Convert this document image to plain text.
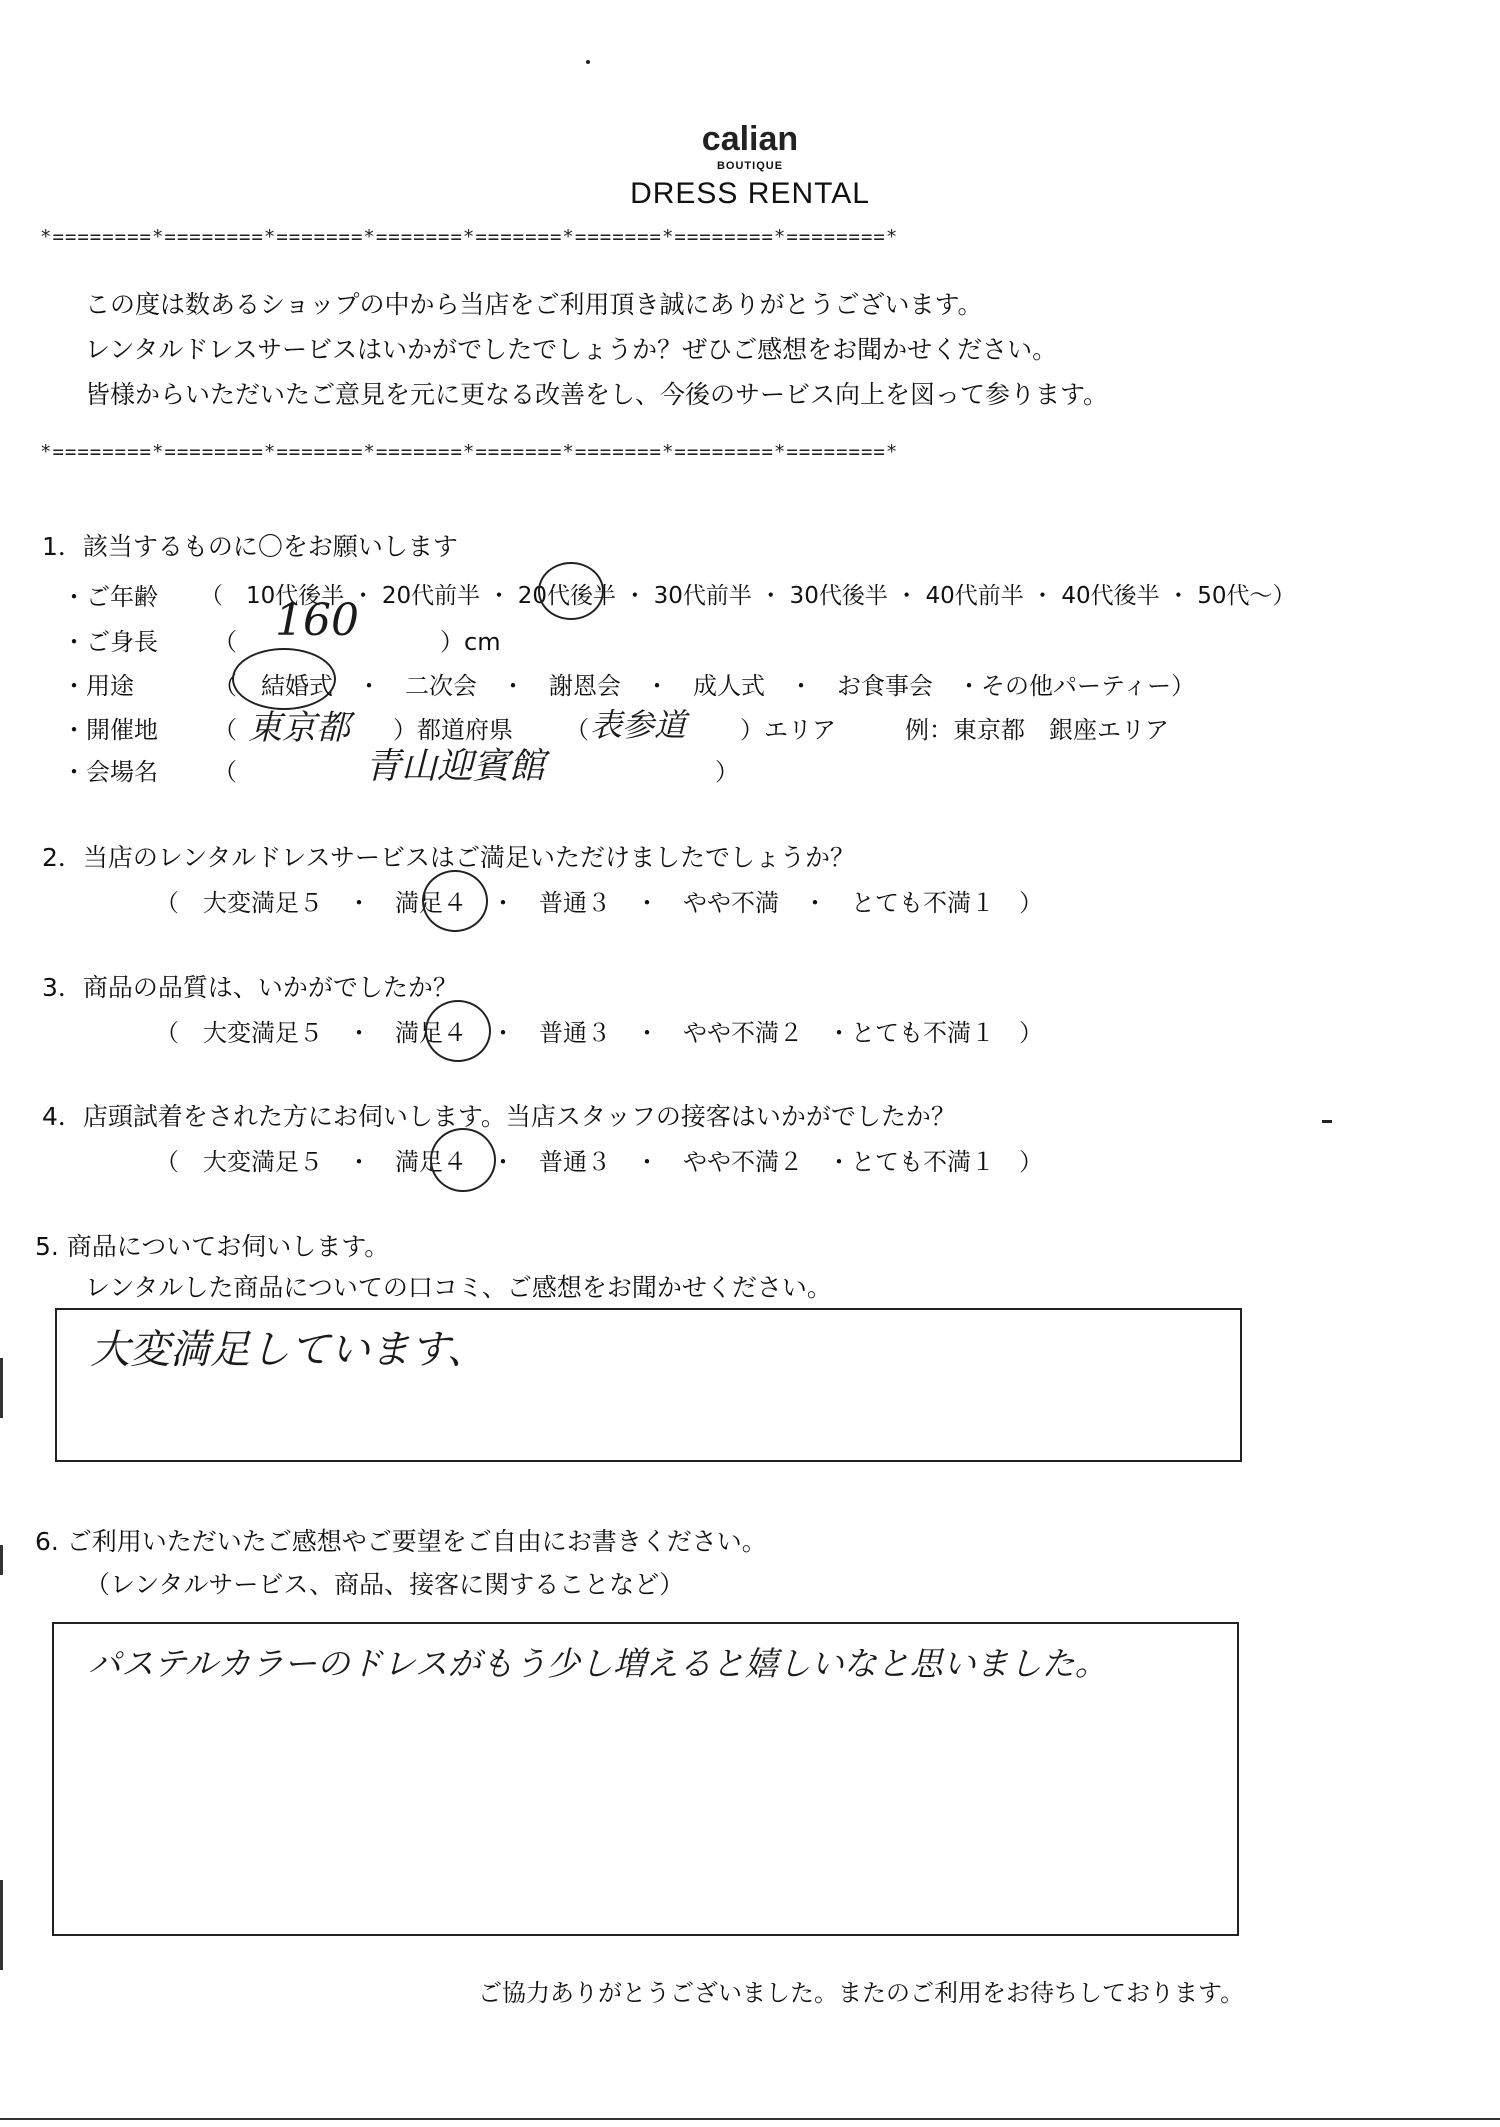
calian
BOUTIQUE
DRESS RENTAL
*========*========*=======*=======*=======*=======*========*========*
この度は数あるショップの中から当店をご利用頂き誠にありがとうございます。
レンタルドレスサービスはいかがでしたでしょうか？ぜひご感想をお聞かせください。
皆様からいただいたご意見を元に更なる改善をし、今後のサービス向上を図って参ります。
*========*========*=======*=======*=======*=======*========*========*
1．該当するものに〇をお願いします
・ご年齢 （　10代後半 ・ 20代前半 ・ 20代後半 ・ 30代前半 ・ 30代後半 ・ 40代前半 ・ 40代後半 ・ 50代～）
・ご身長 （ 160	）cm
・用途	（　結婚式　・　二次会　・　謝恩会　・　成人式　・　お食事会　・その他パーティー）
・開催地 （ 東京都 ）都道府県 （ 表参道 ）エリア	例：東京都　銀座エリア
・会場名 （	青山迎賓館	）
2．当店のレンタルドレスサービスはご満足いただけましたでしょうか？
（　大変満足５　・　満足４　・　普通３　・　やや不満　・　とても不満１　）
3．商品の品質は、いかがでしたか？
（　大変満足５　・　満足４　・　普通３　・　やや不満２　・とても不満１　）
4．店頭試着をされた方にお伺いします。当店スタッフの接客はいかがでしたか？
（　大変満足５　・　満足４　・　普通３　・　やや不満２　・とても不満１　）
5. 商品についてお伺いします。
レンタルした商品についての口コミ、ご感想をお聞かせください。
大変満足しています、
6. ご利用いただいたご感想やご要望をご自由にお書きください。
（レンタルサービス、商品、接客に関することなど）
パステルカラーのドレスがもう少し増えると嬉しいなと思いました。
ご協力ありがとうございました。またのご利用をお待ちしております。
